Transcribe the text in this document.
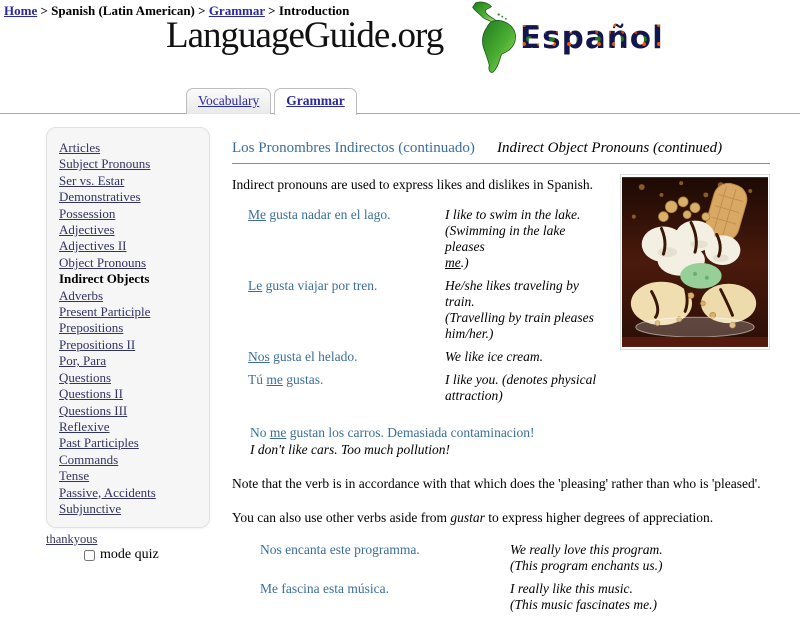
Home > Spanish (Latin American) > Grammar > Introduction
LanguageGuide.org Español
Vocabulary	Grammar
Articles
Subject Pronouns
Ser vs. Estar
Demonstratives
Possession
Adjectives
Adjectives II
Object Pronouns
Indirect Objects
Adverbs
Present Participle
Prepositions
Prepositions II
Por, Para
Questions
Questions II
Questions III
Reflexive
Past Participles
Commands
Tense
Passive, Accidents
Subjunctive
thankyous
mode quiz
Los Pronombres Indirectos (continuado)	Indirect Object Pronouns (continued)
Indirect pronouns are used to express likes and dislikes in Spanish.
Me gusta nadar en el lago.	I like to swim in the lake.
(Swimming in the lake pleases
me.)
Le gusta viajar por tren.	He/she likes traveling by
train.
(Travelling by train pleases
him/her.)
Nos gusta el helado.	We like ice cream.
Tú me gustas.	I like you. (denotes physical
attraction)
No me gustan los carros. Demasiada contaminacion!
I don't like cars. Too much pollution!
Note that the verb is in accordance with that which does the 'pleasing' rather than who is 'pleased'.
You can also use other verbs aside from gustar to express higher degrees of appreciation.
Nos encanta este programma.	We really love this program.
(This program enchants us.)
Me fascina esta música.	I really like this music.
(This music fascinates me.)
